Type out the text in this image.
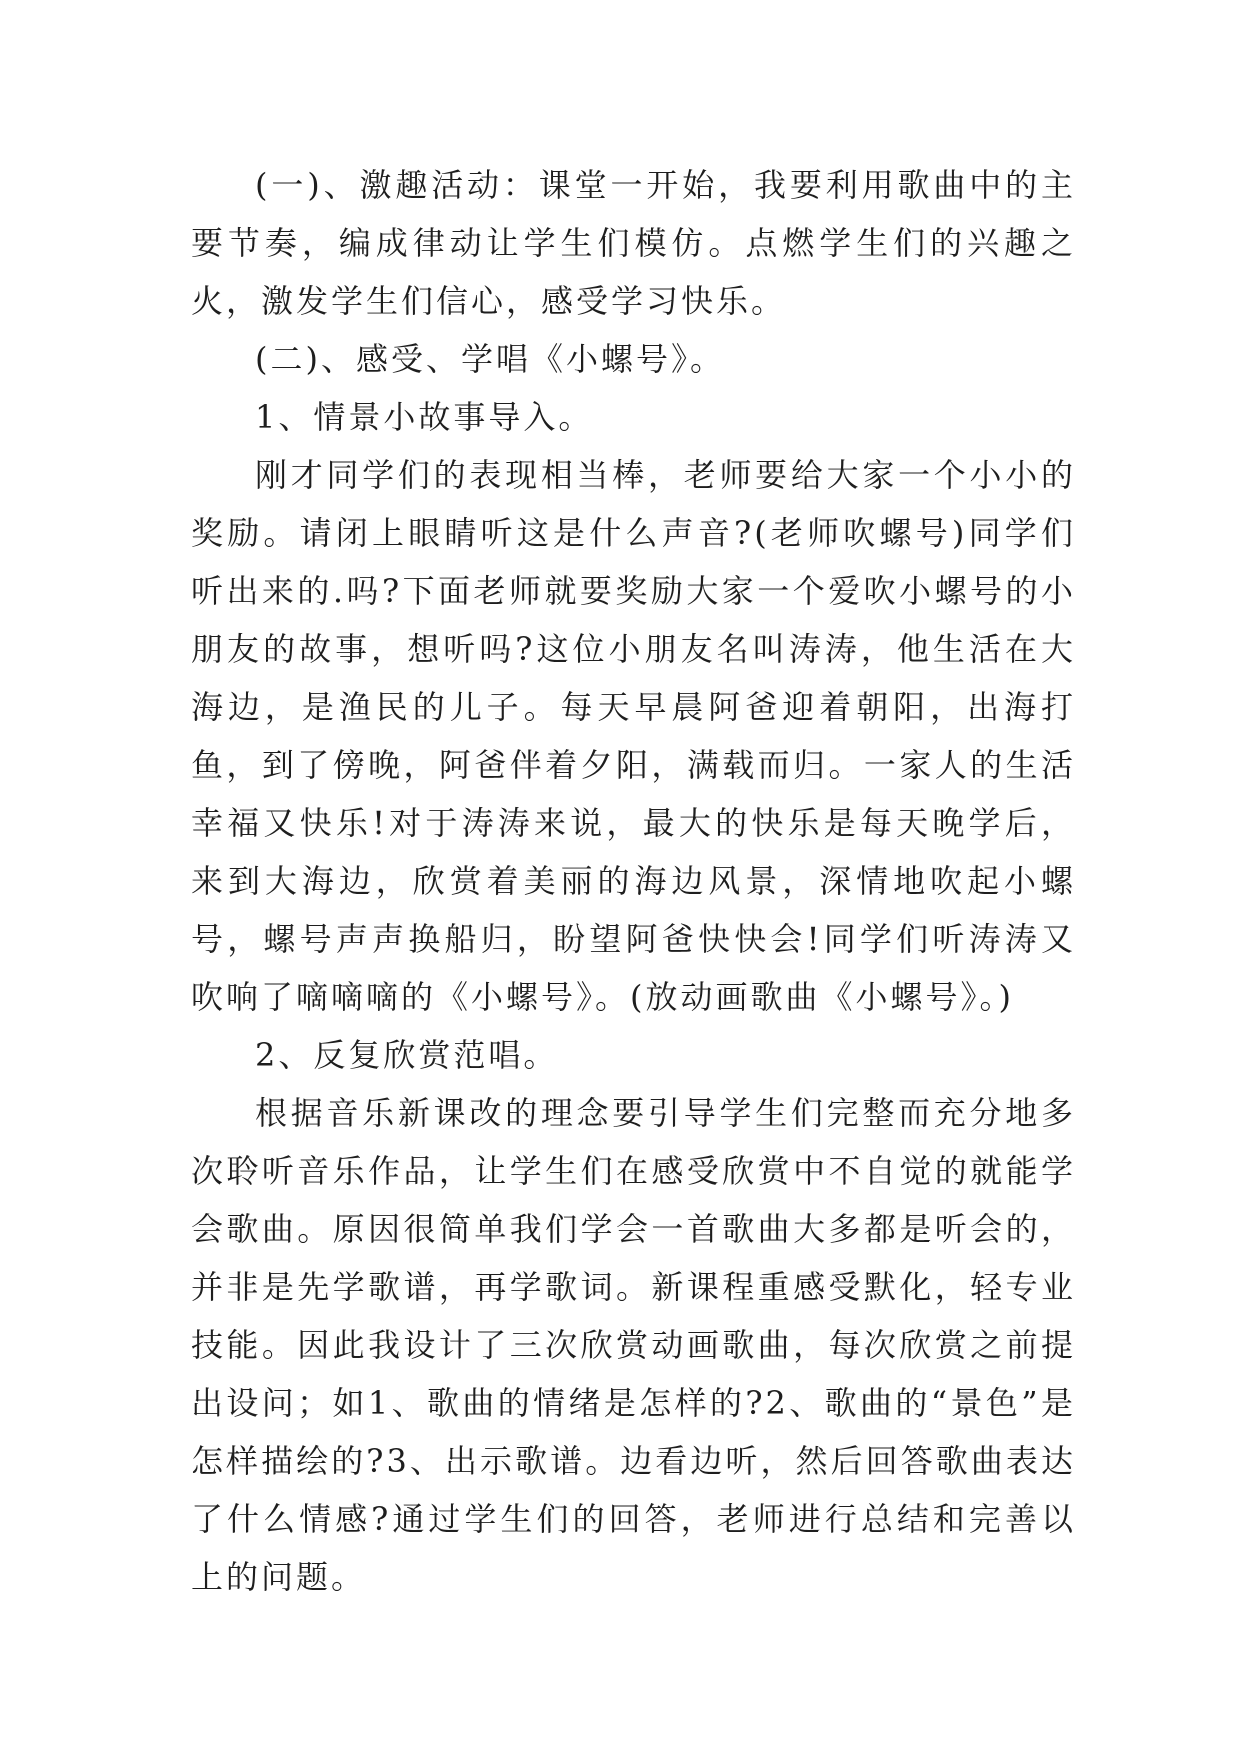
(一)、激趣活动：课堂一开始，我要利用歌曲中的主要节奏，编成律动让学生们模仿。点燃学生们的兴趣之火，激发学生们信心，感受学习快乐。

(二)、感受、学唱《小螺号》。

1、情景小故事导入。

刚才同学们的表现相当棒，老师要给大家一个小小的奖励。请闭上眼睛听这是什么声音?(老师吹螺号)同学们听出来的.吗?下面老师就要奖励大家一个爱吹小螺号的小朋友的故事，想听吗?这位小朋友名叫涛涛，他生活在大海边，是渔民的儿子。每天早晨阿爸迎着朝阳，出海打鱼，到了傍晚，阿爸伴着夕阳，满载而归。一家人的生活幸福又快乐!对于涛涛来说，最大的快乐是每天晚学后，来到大海边，欣赏着美丽的海边风景，深情地吹起小螺号，螺号声声换船归，盼望阿爸快快会!同学们听涛涛又吹响了嘀嘀嘀的《小螺号》。(放动画歌曲《小螺号》。)

2、反复欣赏范唱。

根据音乐新课改的理念要引导学生们完整而充分地多次聆听音乐作品，让学生们在感受欣赏中不自觉的就能学会歌曲。原因很简单我们学会一首歌曲大多都是听会的，并非是先学歌谱，再学歌词。新课程重感受默化，轻专业技能。因此我设计了三次欣赏动画歌曲，每次欣赏之前提出设问；如1、歌曲的情绪是怎样的?2、歌曲的“景色”是怎样描绘的?3、出示歌谱。边看边听，然后回答歌曲表达了什么情感?通过学生们的回答，老师进行总结和完善以上的问题。
